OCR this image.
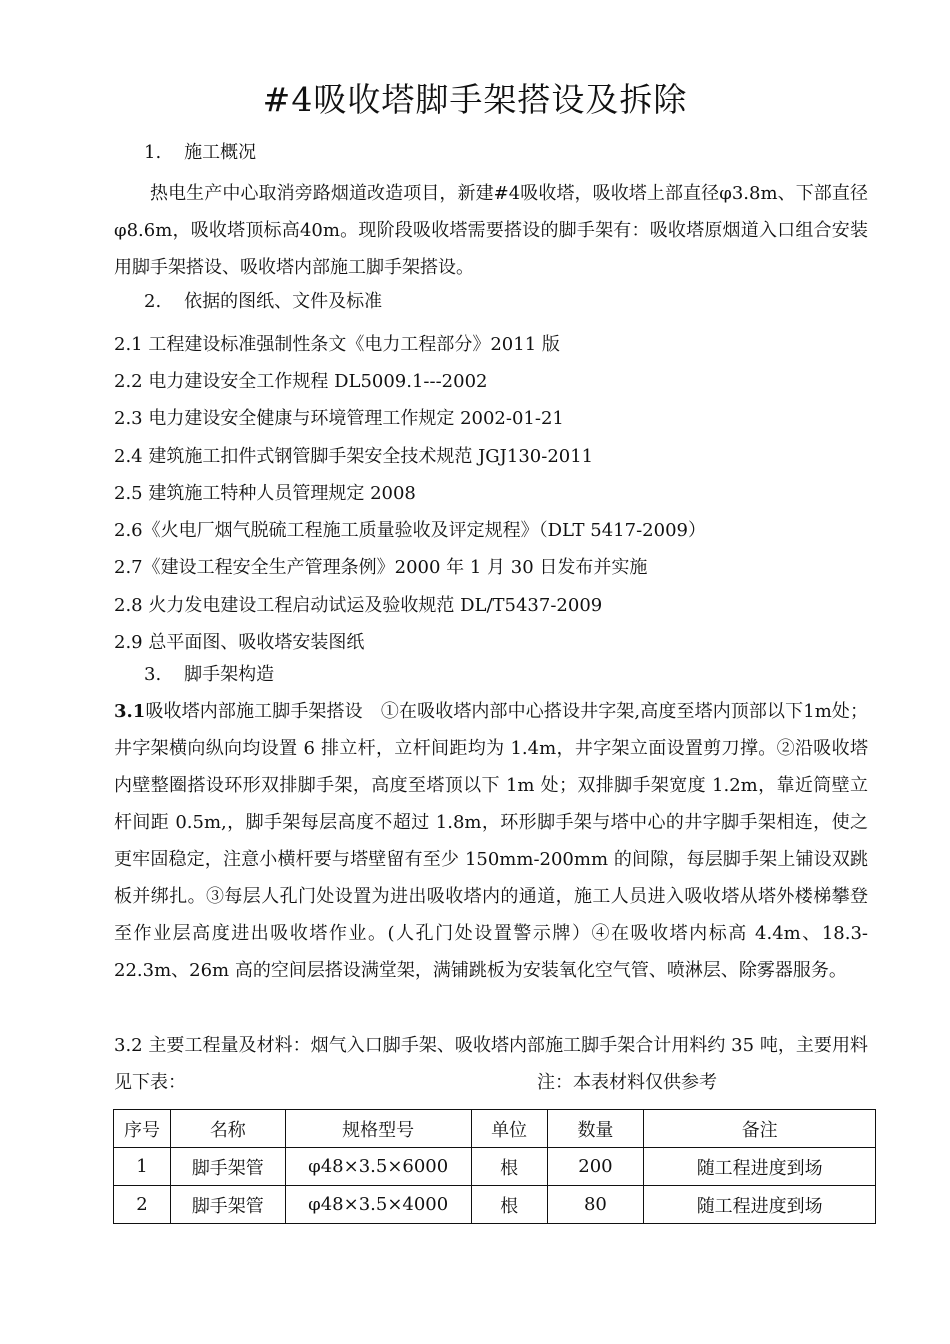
#4吸收塔脚手架搭设及拆除
1. 施工概况

热电生产中心取消旁路烟道改造项目，新建#4吸收塔，吸收塔上部直径φ3.8m、下部直径φ8.6m，吸收塔顶标高40m。现阶段吸收塔需要搭设的脚手架有：吸收塔原烟道入口组合安装用脚手架搭设、吸收塔内部施工脚手架搭设。

2. 依据的图纸、文件及标准
2.1 工程建设标准强制性条文《电力工程部分》2011 版
2.2 电力建设安全工作规程 DL5009.1---2002
2.3 电力建设安全健康与环境管理工作规定 2002-01-21
2.4 建筑施工扣件式钢管脚手架安全技术规范 JGJ130-2011
2.5 建筑施工特种人员管理规定 2008
2.6《火电厂烟气脱硫工程施工质量验收及评定规程》（DLT 5417-2009）
2.7《建设工程安全生产管理条例》2000 年 1 月 30 日发布并实施
2.8 火力发电建设工程启动试运及验收规范 DL/T5437-2009
2.9 总平面图、吸收塔安装图纸
3. 脚手架构造

3.1吸收塔内部施工脚手架搭设　①在吸收塔内部中心搭设井字架,高度至塔内顶部以下1m处；井字架横向纵向均设置 6 排立杆，立杆间距均为 1.4m，井字架立面设置剪刀撑。②沿吸收塔内壁整圈搭设环形双排脚手架，高度至塔顶以下 1m 处；双排脚手架宽度 1.2m，靠近筒壁立杆间距 0.5m,，脚手架每层高度不超过 1.8m，环形脚手架与塔中心的井字脚手架相连，使之更牢固稳定，注意小横杆要与塔壁留有至少 150mm-200mm 的间隙，每层脚手架上铺设双跳板并绑扎。③每层人孔门处设置为进出吸收塔内的通道，施工人员进入吸收塔从塔外楼梯攀登至作业层高度进出吸收塔作业。(人孔门处设置警示牌）④在吸收塔内标高 4.4m、18.3-22.3m、26m 高的空间层搭设满堂架，满铺跳板为安装氧化空气管、喷淋层、除雾器服务。

3.2 主要工程量及材料：烟气入口脚手架、吸收塔内部施工脚手架合计用料约 35 吨，主要用料见下表：	注：本表材料仅供参考
序号	名称	规格型号	单位	数量	备注
1	脚手架管	φ48×3.5×6000	根	200	随工程进度到场
2	脚手架管	φ48×3.5×4000	根	80	随工程进度到场
